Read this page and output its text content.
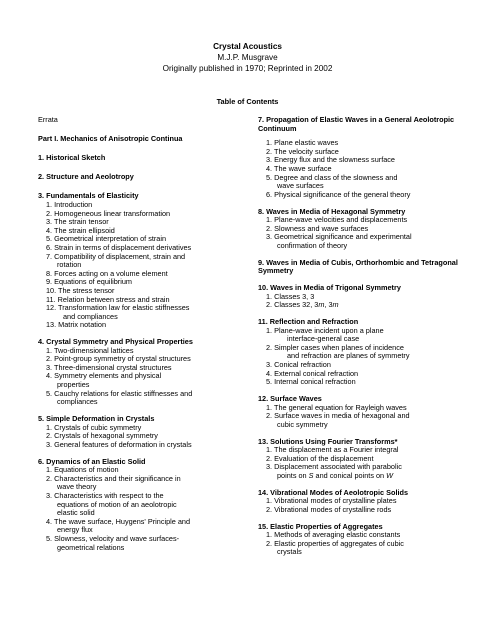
Crystal Acoustics
M.J.P. Musgrave
Originally published in 1970; Reprinted in 2002
Table of Contents
Errata
Part I. Mechanics of Anisotropic Continua
1. Historical Sketch
2. Structure and Aeolotropy
3. Fundamentals of Elasticity
1. Introduction
2. Homogeneous linear transformation
3. The strain tensor
4. The strain ellipsoid
5. Geometrical interpretation of strain
6. Strain in terms of displacement derivatives
7. Compatibility of displacement, strain and
rotation
8. Forces acting on a volume element
9. Equations of equilibrium
10. The stress tensor
11. Relation between stress and strain
12. Transformation law for elastic stiffnesses
and compliances
13. Matrix notation
4. Crystal Symmetry and Physical Properties
1. Two-dimensional lattices
2. Point-group symmetry of crystal structures
3. Three-dimensional crystal structures
4. Symmetry elements and physical
properties
5. Cauchy relations for elastic stiffnesses and
compliances
5. Simple Deformation in Crystals
1. Crystals of cubic symmetry
2. Crystals of hexagonal symmetry
3. General features of deformation in crystals
6. Dynamics of an Elastic Solid
1. Equations of motion
2. Characteristics and their significance in
wave theory
3. Characteristics with respect to the
equations of motion of an aeolotropic
elastic solid
4. The wave surface, Huygens' Principle and
energy flux
5. Slowness, velocity and wave surfaces-
geometrical relations
7. Propagation of Elastic Waves in a General Aeolotropic Continuum
1. Plane elastic waves
2. The velocity surface
3. Energy flux and the slowness surface
4. The wave surface
5. Degree and class of the slowness and
wave surfaces
6. Physical significance of the general theory
8. Waves in Media of Hexagonal Symmetry
1. Plane-wave velocities and displacements
2. Slowness and wave surfaces
3. Geometrical significance and experimental
confirmation of theory
9. Waves in Media of Cubis, Orthorhombic and Tetragonal Symmetry
10. Waves in Media of Trigonal Symmetry
1. Classes 3, 3
2. Classes 32, 3m, 3m
11. Reflection and Refraction
1. Plane-wave incident upon a plane
interface-general case
2. Simpler cases when planes of incidence
and refraction are planes of symmetry
3. Conical refraction
4. External conical refraction
5. Internal conical refraction
12. Surface Waves
1. The general equation for Rayleigh waves
2. Surface waves in media of hexagonal and
cubic symmetry
13. Solutions Using Fourier Transforms*
1. The displacement as a Fourier integral
2. Evaluation of the displacement
3. Displacement associated with parabolic
points on S and conical points on W
14. Vibrational Modes of Aeolotropic Solids
1. Vibrational modes of crystalline plates
2. Vibrational modes of crystalline rods
15. Elastic Properties of Aggregates
1. Methods of averaging elastic constants
2. Elastic properties of aggregates of cubic
crystals
